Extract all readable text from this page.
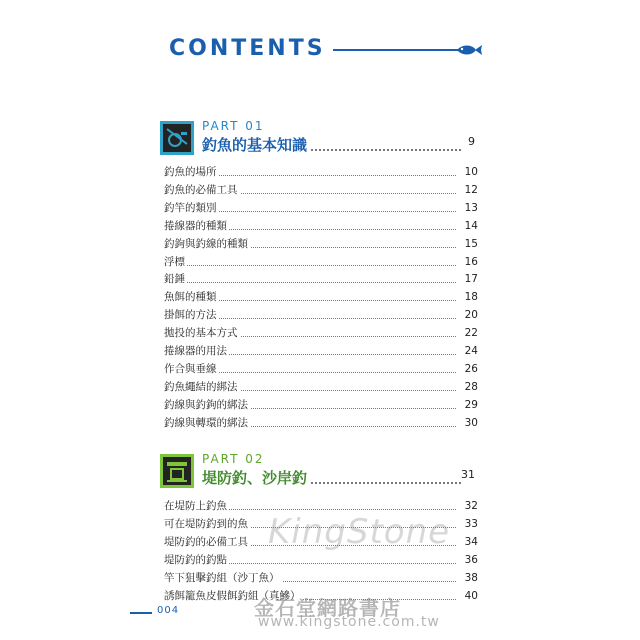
CONTENTS
PART 01
釣魚的基本知識	9
釣魚的場所	10
釣魚的必備工具	12
釣竿的類別	13
捲線器的種類	14
釣鉤與釣線的種類	15
浮標	16
鉛錘	17
魚餌的種類	18
掛餌的方法	20
拋投的基本方式	22
捲線器的用法	24
作合與垂線	26
釣魚繩結的綁法	28
釣線與釣鉤的綁法	29
釣線與轉環的綁法	30
PART 02
堤防釣、沙岸釣	31
在堤防上釣魚	32
可在堤防釣到的魚	33
堤防釣的必備工具	34
堤防釣的釣點	36
竿下狙擊釣組（沙丁魚）	38
誘餌籠魚皮假餌釣組（真鰺）	40
004
KingStone
金石堂網路書店
www.kingstone.com.tw
